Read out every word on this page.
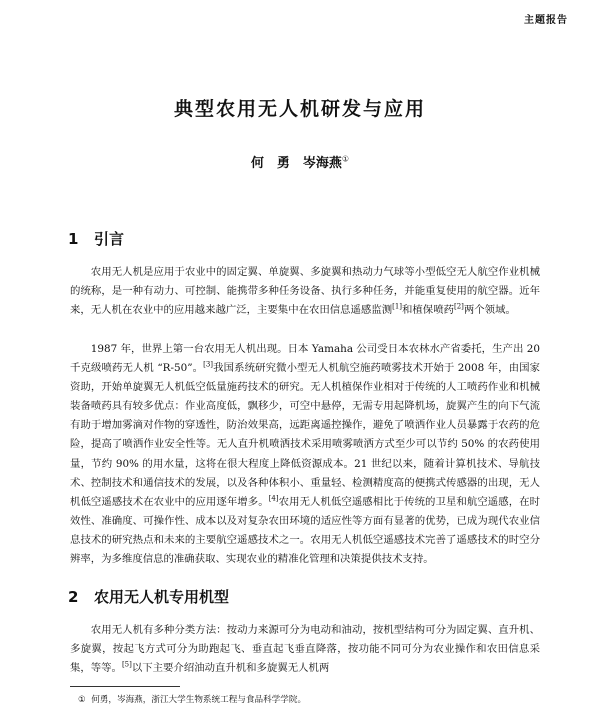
主题报告
典型农用无人机研发与应用
何　勇　岑海燕①
1 引言

农用无人机是应用于农业中的固定翼、单旋翼、多旋翼和热动力气球等小型低空无人航空作业机械的统称，是一种有动力、可控制、能携带多种任务设备、执行多种任务，并能重复使用的航空器。近年来，无人机在农业中的应用越来越广泛，主要集中在农田信息遥感监测[1]和植保喷药[2]两个领域。

1987 年，世界上第一台农用无人机出现。日本 Yamaha 公司受日本农林水产省委托，生产出 20 千克级喷药无人机 “R-50”。[3]我国系统研究微小型无人机航空施药喷雾技术开始于 2008 年，由国家资助，开始单旋翼无人机低空低量施药技术的研究。无人机植保作业相对于传统的人工喷药作业和机械装备喷药具有较多优点：作业高度低，飘移少，可空中悬停，无需专用起降机场，旋翼产生的向下气流有助于增加雾滴对作物的穿透性，防治效果高，远距离遥控操作，避免了喷洒作业人员暴露于农药的危险，提高了喷洒作业安全性等。无人直升机喷洒技术采用喷雾喷洒方式至少可以节约 50% 的农药使用量，节约 90% 的用水量，这将在很大程度上降低资源成本。21 世纪以来，随着计算机技术、导航技术、控制技术和通信技术的发展，以及各种体积小、重量轻、检测精度高的便携式传感器的出现，无人机低空遥感技术在农业中的应用逐年增多。[4]农用无人机低空遥感相比于传统的卫星和航空遥感，在时效性、准确度、可操作性、成本以及对复杂农田环境的适应性等方面有显著的优势，已成为现代农业信息技术的研究热点和未来的主要航空遥感技术之一。农用无人机低空遥感技术完善了遥感技术的时空分辨率，为多维度信息的准确获取、实现农业的精准化管理和决策提供技术支持。

2 农用无人机专用机型

农用无人机有多种分类方法：按动力来源可分为电动和油动，按机型结构可分为固定翼、直升机、多旋翼，按起飞方式可分为助跑起飞、垂直起飞垂直降落，按功能不同可分为农业操作和农田信息采集，等等。[5]以下主要介绍油动直升机和多旋翼无人机两

① 何勇，岑海燕，浙江大学生物系统工程与食品科学学院。
